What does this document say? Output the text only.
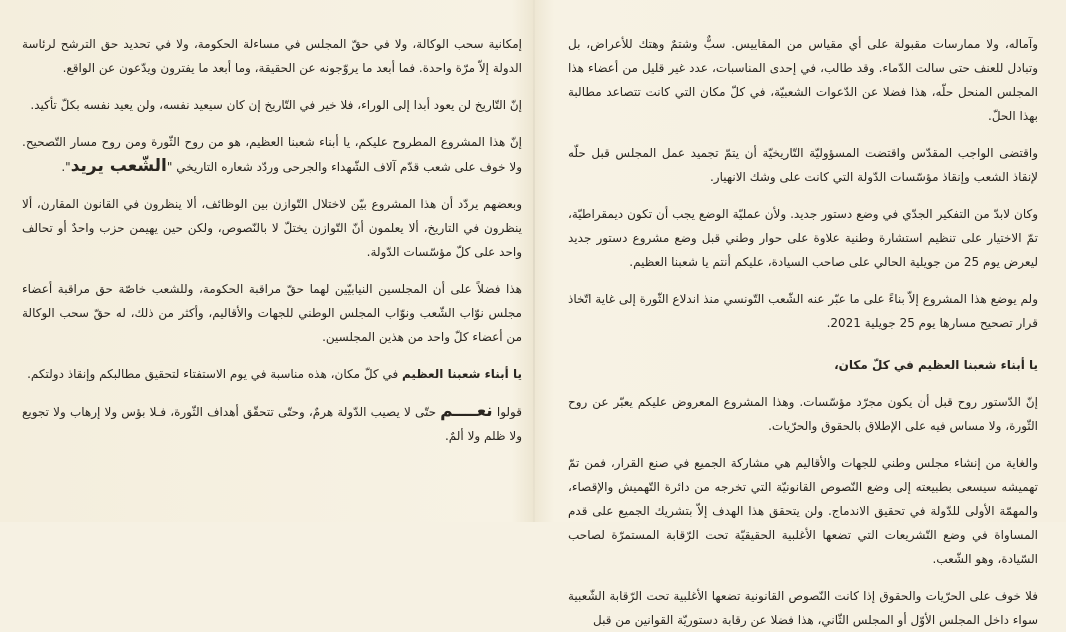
وآماله، ولا ممارسات مقبولة على أي مقياس من المقاييس. سبٌّ وشتمٌ وهتك للأعراض، بل وتبادل للعنف حتى سالت الدّماء. وقد طالب، في إحدى المناسبات، عدد غير قليل من أعضاء هذا المجلس المنحل حلّه، هذا فضلا عن الدّعوات الشعبيّة، في كلّ مكان التي كانت تتصاعد مطالبة بهذا الحلّ.

واقتضى الواجب المقدّس واقتضت المسؤوليّة التّاريخيّة أن يتمّ تجميد عمل المجلس قبل حلّه لإنقاذ الشعب وإنقاذ مؤسّسات الدّولة التي كانت على وشك الانهيار.

وكان لابدّ من التفكير الجدّي في وضع دستور جديد. ولأن عمليّة الوضع يجب أن تكون ديمقراطيّة، تمّ الاختيار على تنظيم استشارة وطنية علاوة على حوار وطني قبل وضع مشروع دستور جديد ليعرض يوم 25 من جويلية الحالي على صاحب السيادة، عليكم أنتم يا شعبنا العظيم.

ولم يوضع هذا المشروع إلاّ بناءً على ما عبّر عنه الشّعب التّونسي منذ اندلاع الثّورة إلى غاية اتّخاذ قرار تصحيح مسارها يوم 25 جويلية 2021.

يا أبناء شعبنا العظيم في كلّ مكان،

إنّ الدّستور روح قبل أن يكون مجرّد مؤسّسات. وهذا المشروع المعروض عليكم يعبّر عن روح الثّورة، ولا مساس فيه على الإطلاق بالحقوق والحرّيات.

والغاية من إنشاء مجلس وطني للجهات والأقاليم هي مشاركة الجميع في صنع القرار، فمن تمّ تهميشه سيسعى بطبيعته إلى وضع النّصوص القانونيّة التي تخرجه من دائرة التّهميش والإقصاء، والمهمّة الأولى للدّولة في تحقيق الاندماج. ولن يتحقق هذا الهدف إلاّ بتشريك الجميع على قدم المساواة في وضع التّشريعات التي تضعها الأغلبية الحقيقيّة تحت الرّقابة المستمرّة لصاحب السّيادة، وهو الشّعب.

فلا خوف على الحرّيات والحقوق إذا كانت النّصوص القانونية تضعها الأغلبية تحت الرّقابة الشّعبية سواء داخل المجلس الأوّل أو المجلس الثّاني، هذا فضلا عن رقابة دستوريّة القوانين من قبل

إمكانية سحب الوكالة، ولا في حقّ المجلس في مساءلة الحكومة، ولا في تحديد حق الترشح لرئاسة الدولة إلاّ مرّة واحدة. فما أبعد ما يروّجونه عن الحقيقة، وما أبعد ما يفترون ويدّعون عن الواقع.

إنّ التّاريخ لن يعود أبدا إلى الوراء، فلا خير في التّاريخ إن كان سيعيد نفسه، ولن يعيد نفسه بكلّ تأكيد.

إنّ هذا المشروع المطروح عليكم، يا أبناء شعبنا العظيم، هو من روح الثّورة ومن روح مسار التّصحيح. ولا خوف على شعب قدّم آلاف الشّهداء والجرحى وردّد شعاره التاريخي "الشّعب يريد".

وبعضهم يردّد أن هذا المشروع بيّن لاختلال التّوازن بين الوظائف، ألا ينظرون في القانون المقارن، ألا ينظرون في التاريخ، ألا يعلمون أنّ التّوازن يختلّ لا بالنّصوص، ولكن حين يهيمن حزب واحدٌ أو تحالف واحد على كلّ مؤسّسات الدّولة.

هذا فضلاً على أن المجلسين النيابيّين لهما حقّ مراقبة الحكومة، وللشعب خاصّة حق مراقبة أعضاء مجلس نوّاب الشّعب ونوّاب المجلس الوطني للجهات والأقاليم، وأكثر من ذلك، له حقّ سحب الوكالة من أعضاء كلّ واحد من هذين المجلسين.

يا أبناء شعبنا العظيم في كلّ مكان، هذه مناسبة في يوم الاستفتاء لتحقيق مطالبكم وإنقاذ دولتكم.

قولوا نعــــم حتّى لا يصيب الدّولة هرمٌ، وحتّى تتحقّق أهداف الثّورة، فـلا بؤس ولا إرهاب ولا تجويع ولا ظلم ولا ألمٌ.
